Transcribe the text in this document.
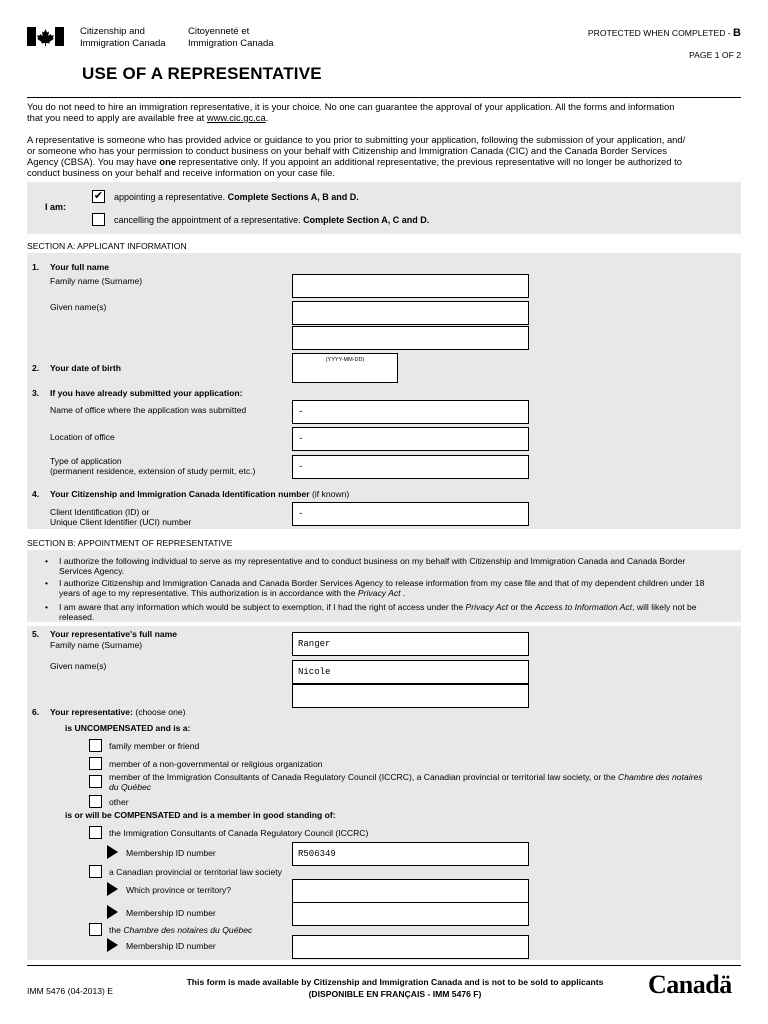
Citizenship and
Immigration Canada
Citoyenneté et
Immigration Canada
PROTECTED WHEN COMPLETED - B
PAGE 1 OF 2
USE OF A REPRESENTATIVE
You do not need to hire an immigration representative, it is your choice. No one can guarantee the approval of your application. All the forms and information
that you need to apply are available free at www.cic.gc.ca.
A representative is someone who has provided advice or guidance to you prior to submitting your application, following the submission of your application, and/
or someone who has your permission to conduct business on your behalf with Citizenship and Immigration Canada (CIC) and the Canada Border Services
Agency (CBSA). You may have one representative only. If you appoint an additional representative, the previous representative will no longer be authorized to
conduct business on your behalf and receive information on your case file.
I am:
✔ appointing a representative. Complete Sections A, B and D.
cancelling the appointment of a representative. Complete Section A, C and D.
SECTION A: APPLICANT INFORMATION
1. Your full name
Family name (Surname)
Given name(s)
2. Your date of birth
(YYYY-MM-DD)
3. If you have already submitted your application:
Name of office where the application was submitted	-
Location of office	-
Type of application
(permanent residence, extension of study permit, etc.)	-
4. Your Citizenship and Immigration Canada Identification number (if known)
Client Identification (ID) or
Unique Client Identifier (UCI) number
-
SECTION B: APPOINTMENT OF REPRESENTATIVE
• I authorize the following individual to serve as my representative and to conduct business on my behalf with Citizenship and Immigration Canada and Canada Border
Services Agency.
• I authorize Citizenship and Immigration Canada and Canada Border Services Agency to release information from my case file and that of my dependent children under 18
years of age to my representative. This authorization is in accordance with the Privacy Act .
• I am aware that any information which would be subject to exemption, if I had the right of access under the Privacy Act or the Access to Information Act, will likely not be
released.
5. Your representative's full name
Family name (Surname)	Ranger
Given name(s)
Nicole
6. Your representative: (choose one)
is UNCOMPENSATED and is a:
family member or friend
member of a non-governmental or religious organization
member of the Immigration Consultants of Canada Regulatory Council (ICCRC), a Canadian provincial or territorial law society, or the Chambre des notaires
du Québec
other
is or will be COMPENSATED and is a member in good standing of:
the Immigration Consultants of Canada Regulatory Council (ICCRC)
Membership ID number	R506349
a Canadian provincial or territorial law society
Which province or territory?
Membership ID number
the Chambre des notaires du Québec
Membership ID number
IMM 5476 (04-2013) E
This form is made available by Citizenship and Immigration Canada and is not to be sold to applicants
(DISPONIBLE EN FRANÇAIS - IMM 5476 F)	Canadä
